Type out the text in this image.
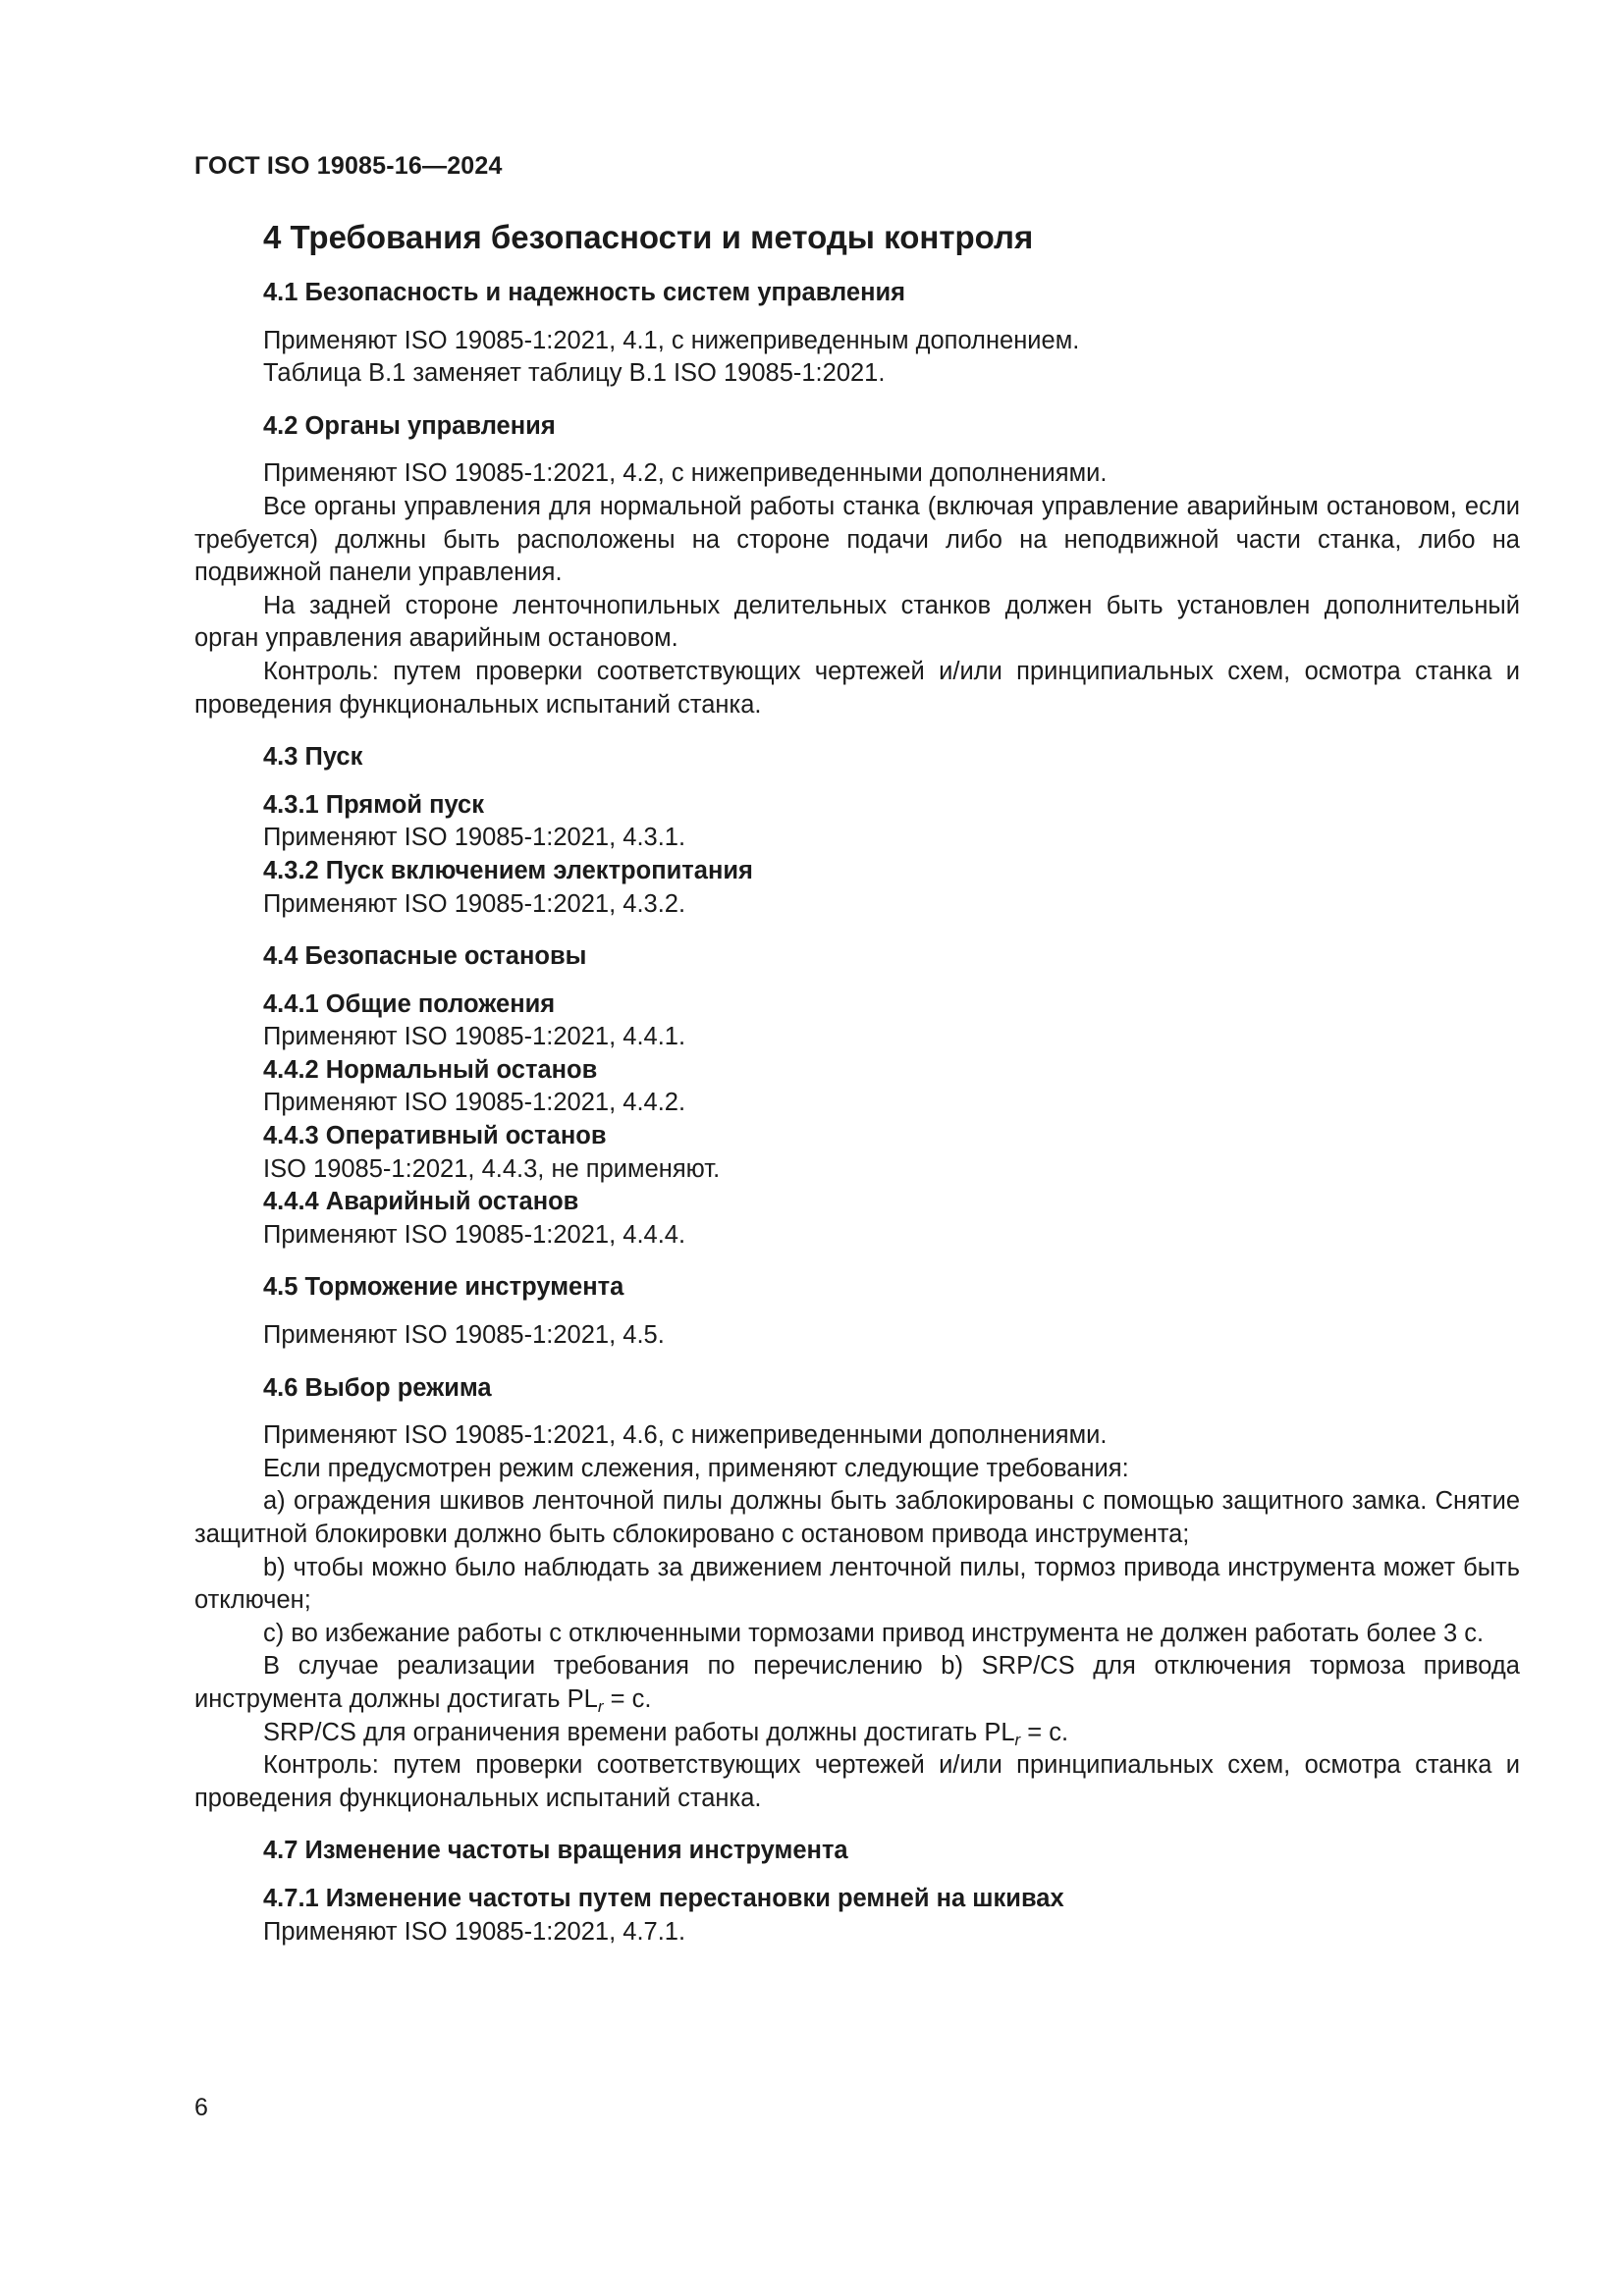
ГОСТ ISO 19085-16—2024
4 Требования безопасности и методы контроля
4.1 Безопасность и надежность систем управления

Применяют ISO 19085-1:2021, 4.1, с нижеприведенным дополнением.

Таблица В.1 заменяет таблицу В.1 ISO 19085-1:2021.

4.2 Органы управления

Применяют ISO 19085-1:2021, 4.2, с нижеприведенными дополнениями.

Все органы управления для нормальной работы станка (включая управление аварийным остановом, если требуется) должны быть расположены на стороне подачи либо на неподвижной части станка, либо на подвижной панели управления.

На задней стороне ленточнопильных делительных станков должен быть установлен дополнительный орган управления аварийным остановом.

Контроль: путем проверки соответствующих чертежей и/или принципиальных схем, осмотра станка и проведения функциональных испытаний станка.

4.3 Пуск
4.3.1 Прямой пуск

Применяют ISO 19085-1:2021, 4.3.1.

4.3.2 Пуск включением электропитания

Применяют ISO 19085-1:2021, 4.3.2.

4.4 Безопасные остановы
4.4.1 Общие положения

Применяют ISO 19085-1:2021, 4.4.1.

4.4.2 Нормальный останов

Применяют ISO 19085-1:2021, 4.4.2.

4.4.3 Оперативный останов

ISO 19085-1:2021, 4.4.3, не применяют.

4.4.4 Аварийный останов

Применяют ISO 19085-1:2021, 4.4.4.

4.5 Торможение инструмента

Применяют ISO 19085-1:2021, 4.5.

4.6 Выбор режима

Применяют ISO 19085-1:2021, 4.6, с нижеприведенными дополнениями.

Если предусмотрен режим слежения, применяют следующие требования:

a) ограждения шкивов ленточной пилы должны быть заблокированы с помощью защитного замка. Снятие защитной блокировки должно быть сблокировано с остановом привода инструмента;

b) чтобы можно было наблюдать за движением ленточной пилы, тормоз привода инструмента может быть отключен;

c) во избежание работы с отключенными тормозами привод инструмента не должен работать более 3 с.

В случае реализации требования по перечислению b) SRP/CS для отключения тормоза привода инструмента должны достигать $PL_r = c$.

SRP/CS для ограничения времени работы должны достигать $PL_r = c$.

Контроль: путем проверки соответствующих чертежей и/или принципиальных схем, осмотра станка и проведения функциональных испытаний станка.

4.7 Изменение частоты вращения инструмента
4.7.1 Изменение частоты путем перестановки ремней на шкивах

Применяют ISO 19085-1:2021, 4.7.1.

6
